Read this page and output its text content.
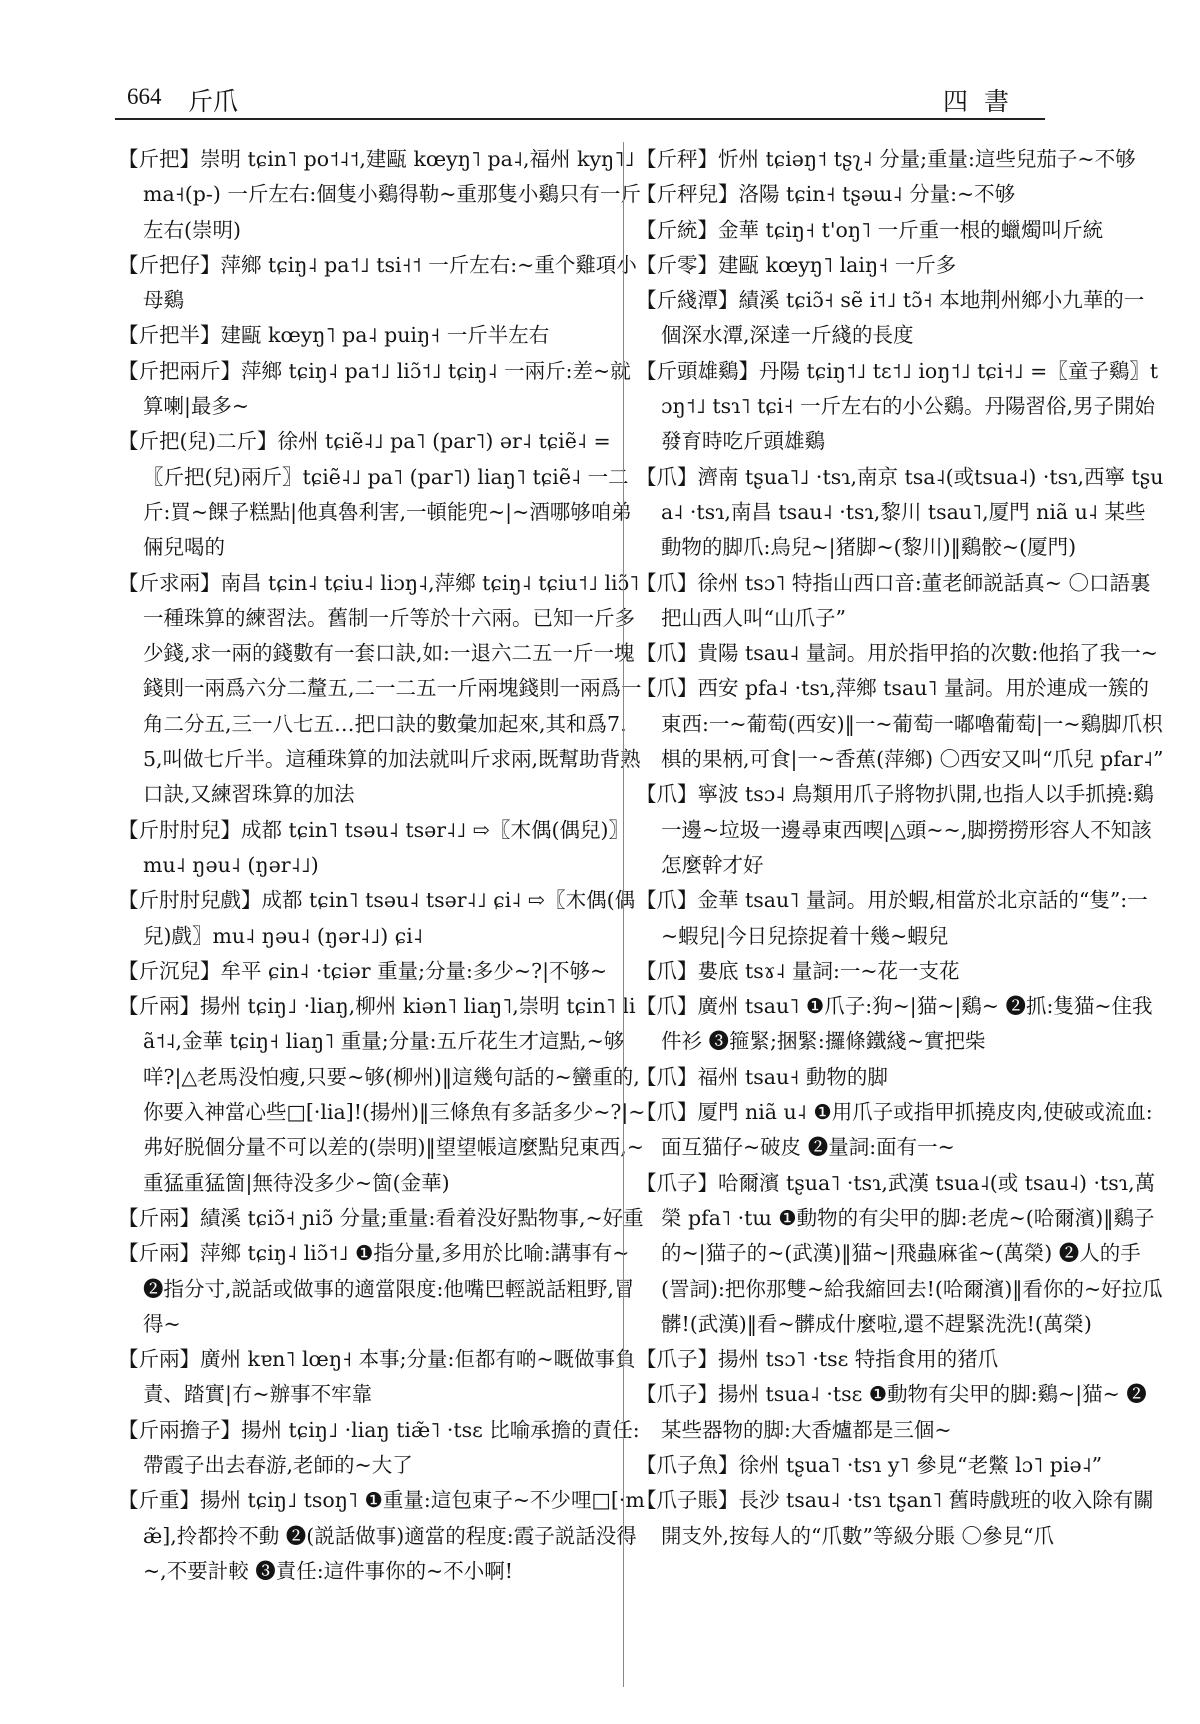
664 斤爪	四書
【斤把】崇明 tɕin˥ po˦˨˦,建甌 kœyŋ˥ pa˨,福州 kyŋ˥˩ ma˧(p-) 一斤左右:個隻小鷄得勒~重那隻小鷄只有一斤左右(崇明)
【斤把仔】萍鄉 tɕiŋ˨ pa˦˩ tsi˧˦ 一斤左右:~重个雞項小母鷄
【斤把半】建甌 kœyŋ˥ pa˨ puiŋ˧ 一斤半左右
【斤把兩斤】萍鄉 tɕiŋ˨ pa˦˩ liɔ̃˦˩ tɕiŋ˨ 一兩斤:差~就算喇|最多~
【斤把(兒)二斤】徐州 tɕiẽ˨˩ pa˥ (par˥) ər˨ tɕiẽ˨ =〖斤把(兒)兩斤〗tɕiẽ˨˩ pa˥ (par˥) liaŋ˥ tɕiẽ˨ 一二斤:買~餜子糕點|他真魯利害,一頓能兜~|~酒哪够咱弟倆兒喝的
【斤求兩】南昌 tɕin˨ tɕiu˨ liɔŋ˨,萍鄉 tɕiŋ˨ tɕiu˦˩ liɔ̃˥ 一種珠算的練習法。舊制一斤等於十六兩。已知一斤多少錢,求一兩的錢數有一套口訣,如:一退六二五一斤一塊錢則一兩爲六分二釐五,二一二五一斤兩塊錢則一兩爲一角二分五,三一八七五…把口訣的數彙加起來,其和爲7.5,叫做七斤半。這種珠算的加法就叫斤求兩,既幫助背熟口訣,又練習珠算的加法
【斤肘肘兒】成都 tɕin˥ tsəu˨ tsər˨˩ ⇨〖木偶(偶兒)〗mu˨ ŋəu˨ (ŋər˨˩)
【斤肘肘兒戲】成都 tɕin˥ tsəu˨ tsər˨˩ ɕi˨ ⇨〖木偶(偶兒)戲〗mu˨ ŋəu˨ (ŋər˨˩) ɕi˨
【斤沉兒】牟平 ɕin˨ ·tɕiər 重量;分量:多少~?|不够~
【斤兩】揚州 tɕiŋ˩ ·liaŋ,柳州 kiən˥ liaŋ˥,崇明 tɕin˥ liã˦˨,金華 tɕiŋ˧ liaŋ˥ 重量;分量:五斤花生才這點,~够咩?|△老馬没怕瘦,只要~够(柳州)‖這幾句話的~蠻重的,你要入神當心些□[·lia]!(揚州)‖三條魚有多話多少~?|~弗好脱個分量不可以差的(崇明)‖望望帳這麼點兒東西,~重猛重猛箇|無待没多少~箇(金華)
【斤兩】績溪 tɕiɔ̃˧ ɲiɔ̃ 分量;重量:看着没好點物事,~好重
【斤兩】萍鄉 tɕiŋ˨ liɔ̃˦˩ ❶指分量,多用於比喻:講事有~ ❷指分寸,説話或做事的適當限度:他嘴巴輕説話粗野,冒得~
【斤兩】廣州 kɐn˥ lœŋ˧ 本事;分量:佢都有啲~嘅做事負責、踏實|冇~辦事不牢靠
【斤兩擔子】揚州 tɕiŋ˩ ·liaŋ tiæ̃˥ ·tsɛ 比喻承擔的責任:帶霞子出去春游,老師的~大了
【斤重】揚州 tɕiŋ˩ tsoŋ˥ ❶重量:這包東子~不少哩□[·mæ̃],拎都拎不動 ❷(説話做事)適當的程度:霞子説話没得~,不要計較 ❸責任:這件事你的~不小啊!
【斤秤】忻州 tɕiəŋ˦ tʂʅ˨ 分量;重量:這些兒茄子~不够
【斤秤兒】洛陽 tɕin˧ tʂəɯ˨ 分量:~不够
【斤統】金華 tɕiŋ˧ t'oŋ˥ 一斤重一根的蠟燭叫斤統
【斤零】建甌 kœyŋ˥ laiŋ˧ 一斤多
【斤綫潭】績溪 tɕiɔ̃˧ sẽ i˦˩ tɔ̃˧ 本地荆州鄉小九華的一個深水潭,深達一斤綫的長度
【斤頭雄鷄】丹陽 tɕiŋ˦˩ tɛ˦˩ ioŋ˦˩ tɕi˧˩ =〖童子鷄〗tɔŋ˦˩ tsɿ˥ tɕi˧ 一斤左右的小公鷄。丹陽習俗,男子開始發育時吃斤頭雄鷄
【爪】濟南 tʂua˥˩ ·tsɿ,南京 tsa˨(或tsua˨) ·tsɿ,西寧 tʂua˨ ·tsɿ,南昌 tsau˨ ·tsɿ,黎川 tsau˥,厦門 niã u˨ 某些動物的脚爪:烏兒~|猪脚~(黎川)‖鷄骹~(厦門)
【爪】徐州 tsɔ˥ 特指山西口音:董老師説話真~ 〇口語裏把山西人叫“山爪子”
【爪】貴陽 tsau˨ 量詞。用於指甲掐的次數:他掐了我一~
【爪】西安 pfa˨ ·tsɿ,萍鄉 tsau˥ 量詞。用於連成一簇的東西:一~葡萄(西安)‖一~葡萄一嘟嚕葡萄|一~鷄脚爪枳椇的果柄,可食|一~香蕉(萍鄉) 〇西安又叫“爪兒 pfar˨”
【爪】寧波 tsɔ˨ 鳥類用爪子將物扒開,也指人以手抓撓:鷄一邊~垃圾一邊尋東西喫|△頭~~,脚撈撈形容人不知該怎麼幹才好
【爪】金華 tsau˥ 量詞。用於蝦,相當於北京話的“隻”:一~蝦兒|今日兒捺捉着十幾~蝦兒
【爪】婁底 tsɤ˨ 量詞:一~花一支花
【爪】廣州 tsau˥ ❶爪子:狗~|猫~|鷄~ ❷抓:隻猫~住我件衫 ❸箍緊;捆緊:攞條鐵綫~實把柴
【爪】福州 tsau˧ 動物的脚
【爪】厦門 niã u˨ ❶用爪子或指甲抓撓皮肉,使破或流血:面互猫仔~破皮 ❷量詞:面有一~
【爪子】哈爾濱 tʂua˥ ·tsɿ,武漢 tsua˨(或 tsau˨) ·tsɿ,萬榮 pfa˥ ·tɯ ❶動物的有尖甲的脚:老虎~(哈爾濱)‖鷄子的~|猫子的~(武漢)‖猫~|飛蟲麻雀~(萬榮) ❷人的手(詈詞):把你那雙~給我縮回去!(哈爾濱)‖看你的~好拉瓜髒!(武漢)‖看~髒成什麼啦,還不趕緊洗洗!(萬榮)
【爪子】揚州 tsɔ˥ ·tsɛ 特指食用的猪爪
【爪子】揚州 tsua˨ ·tsɛ ❶動物有尖甲的脚:鷄~|猫~ ❷某些器物的脚:大香爐都是三個~
【爪子魚】徐州 tʂua˥ ·tsɿ y˥ 參見“老鱉 lɔ˥ piə˨”
【爪子賬】長沙 tsau˨ ·tsɿ tʂan˥ 舊時戲班的收入除有關開支外,按每人的“爪數”等級分賬 〇參見“爪
